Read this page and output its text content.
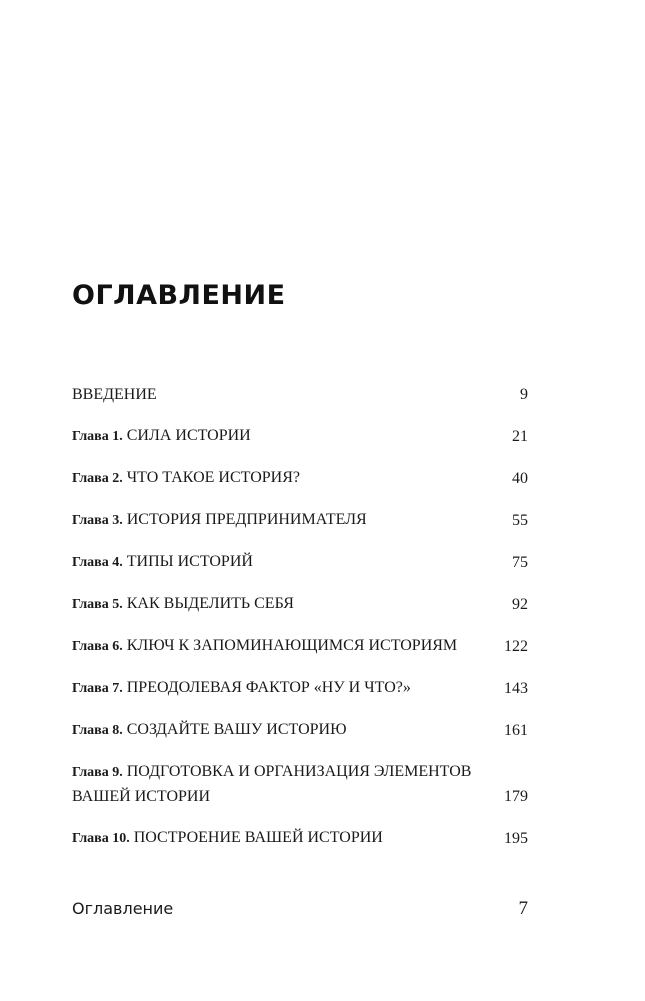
ОГЛАВЛЕНИЕ
ВВЕДЕНИЕ	9
Глава 1. СИЛА ИСТОРИИ	21
Глава 2. ЧТО ТАКОЕ ИСТОРИЯ?	40
Глава 3. ИСТОРИЯ ПРЕДПРИНИМАТЕЛЯ	55
Глава 4. ТИПЫ ИСТОРИЙ	75
Глава 5. КАК ВЫДЕЛИТЬ СЕБЯ	92
Глава 6. КЛЮЧ К ЗАПОМИНАЮЩИМСЯ ИСТОРИЯМ	122
Глава 7. ПРЕОДОЛЕВАЯ ФАКТОР «НУ И ЧТО?»	143
Глава 8. СОЗДАЙТЕ ВАШУ ИСТОРИЮ	161
Глава 9. ПОДГОТОВКА И ОРГАНИЗАЦИЯ ЭЛЕМЕНТОВ ВАШЕЙ ИСТОРИИ	179
Глава 10. ПОСТРОЕНИЕ ВАШЕЙ ИСТОРИИ	195
Оглавление	7
